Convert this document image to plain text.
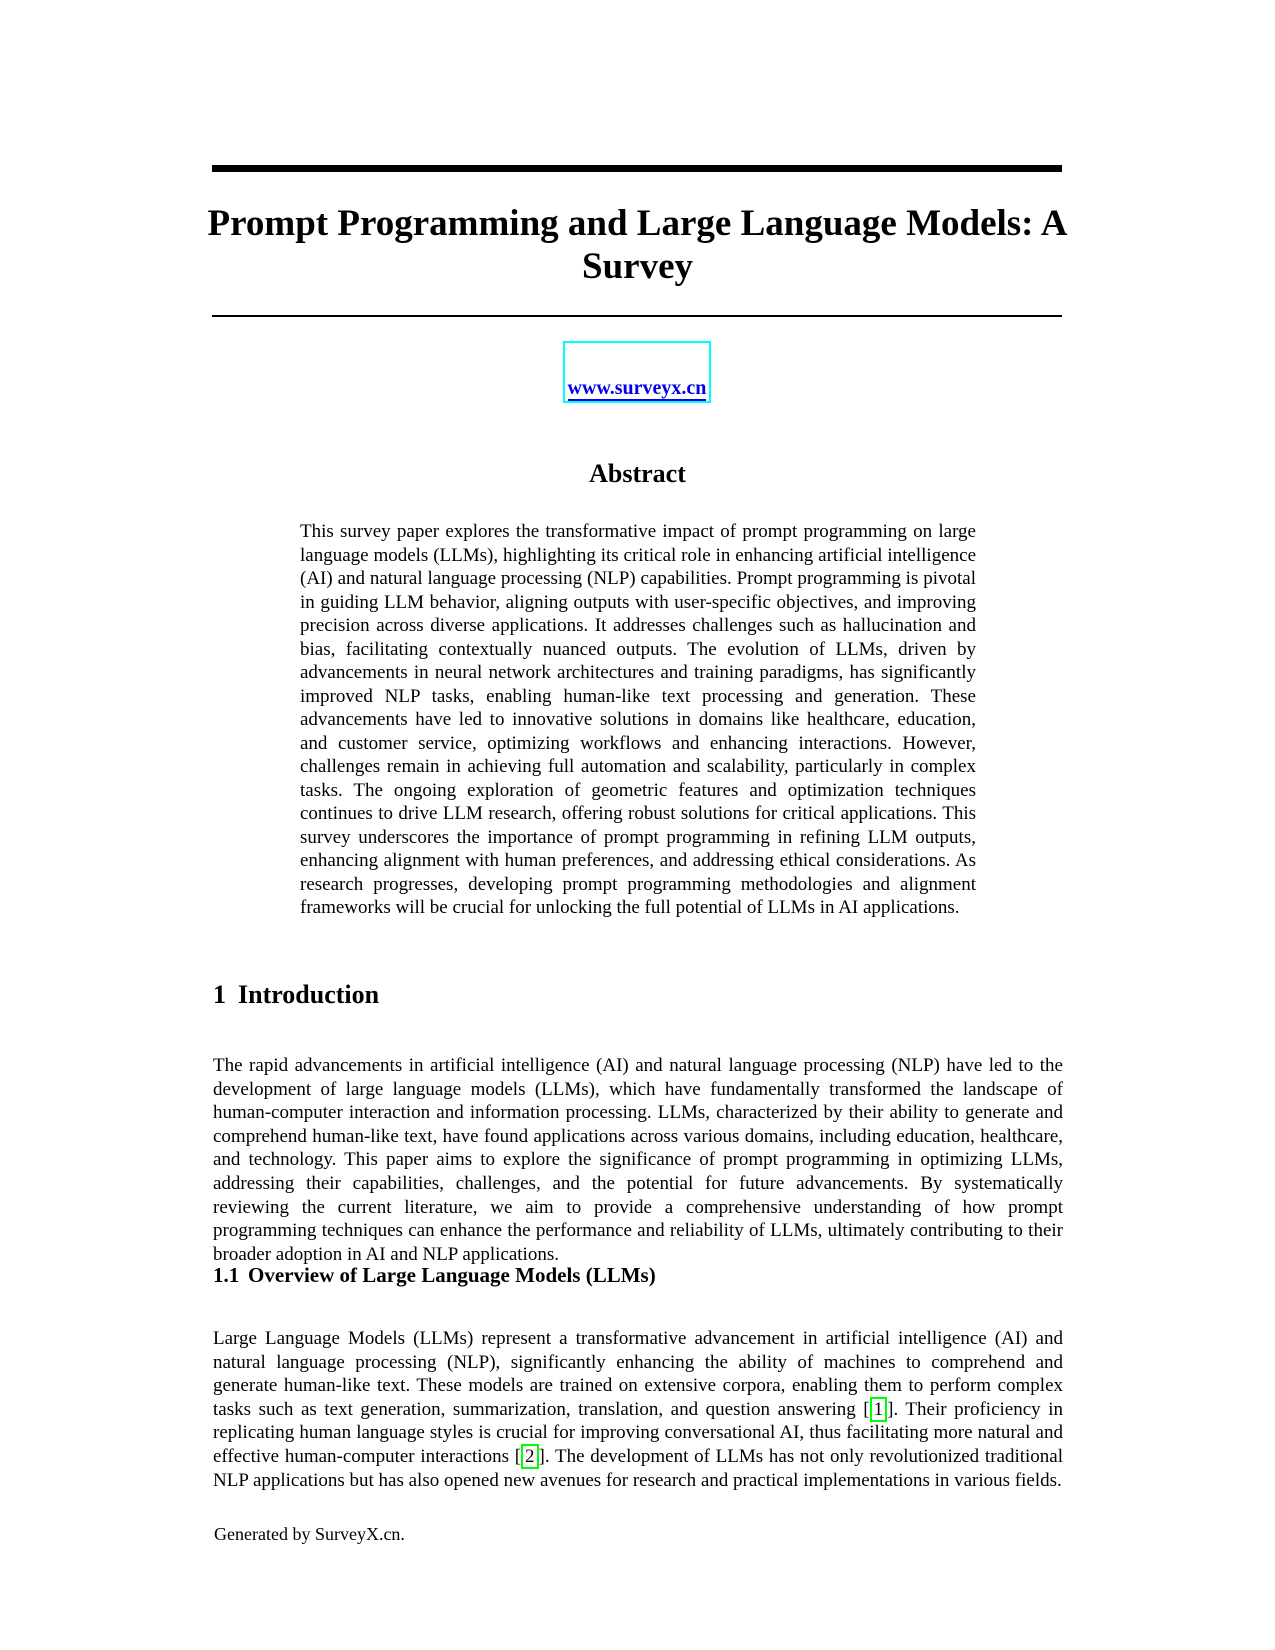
Prompt Programming and Large Language Models: A
Survey
www.surveyx.cn
Abstract

This survey paper explores the transformative impact of prompt programming on large language models (LLMs), highlighting its critical role in enhancing artificial intelligence (AI) and natural language processing (NLP) capabilities. Prompt programming is pivotal in guiding LLM behavior, aligning outputs with user-specific objectives, and improving precision across diverse applications. It addresses challenges such as hallucination and bias, facilitating contextually nuanced outputs. The evolution of LLMs, driven by advancements in neural network architectures and training paradigms, has significantly improved NLP tasks, enabling human-like text processing and generation. These advancements have led to innovative solutions in domains like healthcare, education, and customer service, optimizing workflows and enhancing interactions. However, challenges remain in achieving full automation and scalability, particularly in complex tasks. The ongoing exploration of geometric features and optimization techniques continues to drive LLM research, offering robust solutions for critical applications. This survey underscores the importance of prompt programming in refining LLM outputs, enhancing alignment with human preferences, and addressing ethical considerations. As research progresses, developing prompt programming methodologies and alignment frameworks will be crucial for unlocking the full potential of LLMs in AI applications.

1 Introduction

The rapid advancements in artificial intelligence (AI) and natural language processing (NLP) have led to the development of large language models (LLMs), which have fundamentally transformed the landscape of human-computer interaction and information processing. LLMs, characterized by their ability to generate and comprehend human-like text, have found applications across various domains, including education, healthcare, and technology. This paper aims to explore the significance of prompt programming in optimizing LLMs, addressing their capabilities, challenges, and the potential for future advancements. By systematically reviewing the current literature, we aim to provide a comprehensive understanding of how prompt programming techniques can enhance the performance and reliability of LLMs, ultimately contributing to their broader adoption in AI and NLP applications.

1.1 Overview of Large Language Models (LLMs)

Large Language Models (LLMs) represent a transformative advancement in artificial intelligence (AI) and natural language processing (NLP), significantly enhancing the ability of machines to comprehend and generate human-like text. These models are trained on extensive corpora, enabling them to perform complex tasks such as text generation, summarization, translation, and question answering [ 1 ]. Their proficiency in replicating human language styles is crucial for improving conversational AI, thus facilitating more natural and effective human-computer interactions [ 2 ]. The development of LLMs has not only revolutionized traditional NLP applications but has also opened new avenues for research and practical implementations in various fields.

Generated by SurveyX.cn.
